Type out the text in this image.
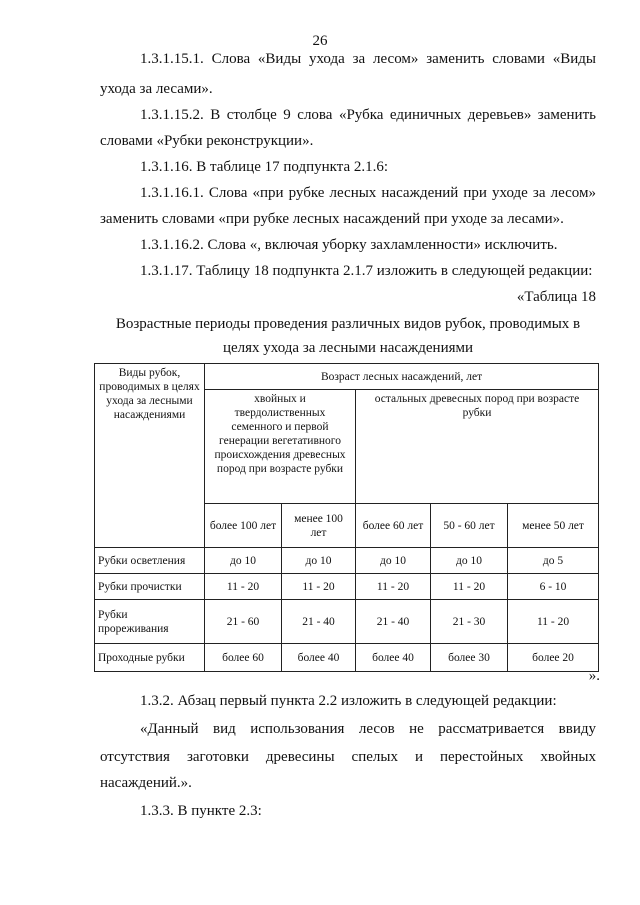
26

1.3.1.15.1. Слова «Виды ухода за лесом» заменить словами «Виды

ухода за лесами».

1.3.1.15.2. В столбце 9 слова «Рубка единичных деревьев» заменить

словами «Рубки реконструкции».

1.3.1.16. В таблице 17 подпункта 2.1.6:

1.3.1.16.1. Слова «при рубке лесных насаждений при уходе за лесом»

заменить словами «при рубке лесных насаждений при уходе за лесами».

1.3.1.16.2. Слова «, включая уборку захламленности» исключить.

1.3.1.17. Таблицу 18 подпункта 2.1.7 изложить в следующей редакции:

«Таблица 18

Возрастные периоды проведения различных видов рубок, проводимых в
целях ухода за лесными насаждениями
Виды рубок, проводимых в целях ухода за лесными насаждениями	Возраст лесных насаждений, лет				
	хвойных и твердолиственных семенного и первой генерации вегетативного происхождения древесных пород при возрасте рубки		остальных древесных пород при возрасте рубки		
	более 100 лет	менее 100 лет	более 60 лет	50 - 60 лет	менее 50 лет
Рубки осветления	до 10	до 10	до 10	до 10	до 5
Рубки прочистки	11 - 20	11 - 20	11 - 20	11 - 20	6 - 10
Рубки прореживания	21 - 60	21 - 40	21 - 40	21 - 30	11 - 20
Проходные рубки	более 60	более 40	более 40	более 30	более 20
».

1.3.2. Абзац первый пункта 2.2 изложить в следующей редакции:

«Данный вид использования лесов не рассматривается ввиду

отсутствия заготовки древесины спелых и перестойных хвойных

насаждений.».

1.3.3. В пункте 2.3:
